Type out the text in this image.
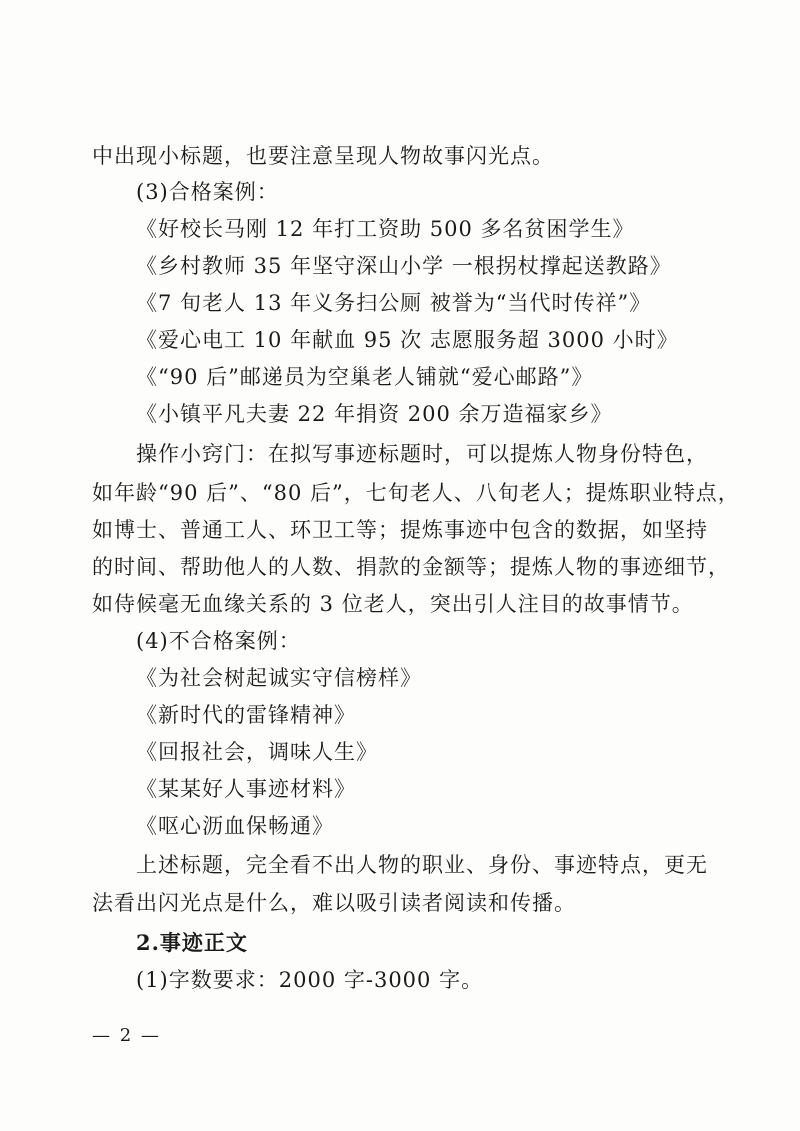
中出现小标题，也要注意呈现人物故事闪光点。
(3)合格案例：
《好校长马刚 12 年打工资助 500 多名贫困学生》
《乡村教师 35 年坚守深山小学 一根拐杖撑起送教路》
《7 旬老人 13 年义务扫公厕 被誉为“当代时传祥”》
《爱心电工 10 年献血 95 次 志愿服务超 3000 小时》
《“90 后”邮递员为空巢老人铺就“爱心邮路”》
《小镇平凡夫妻 22 年捐资 200 余万造福家乡》
操作小窍门：在拟写事迹标题时，可以提炼人物身份特色，
如年龄“90 后”、“80 后”，七旬老人、八旬老人；提炼职业特点，
如博士、普通工人、环卫工等；提炼事迹中包含的数据，如坚持
的时间、帮助他人的人数、捐款的金额等；提炼人物的事迹细节，
如侍候毫无血缘关系的 3 位老人，突出引人注目的故事情节。
(4)不合格案例：
《为社会树起诚实守信榜样》
《新时代的雷锋精神》
《回报社会，调味人生》
《某某好人事迹材料》
《呕心沥血保畅通》
上述标题，完全看不出人物的职业、身份、事迹特点，更无
法看出闪光点是什么，难以吸引读者阅读和传播。
2.事迹正文
(1)字数要求：2000 字-3000 字。
— 2 —
